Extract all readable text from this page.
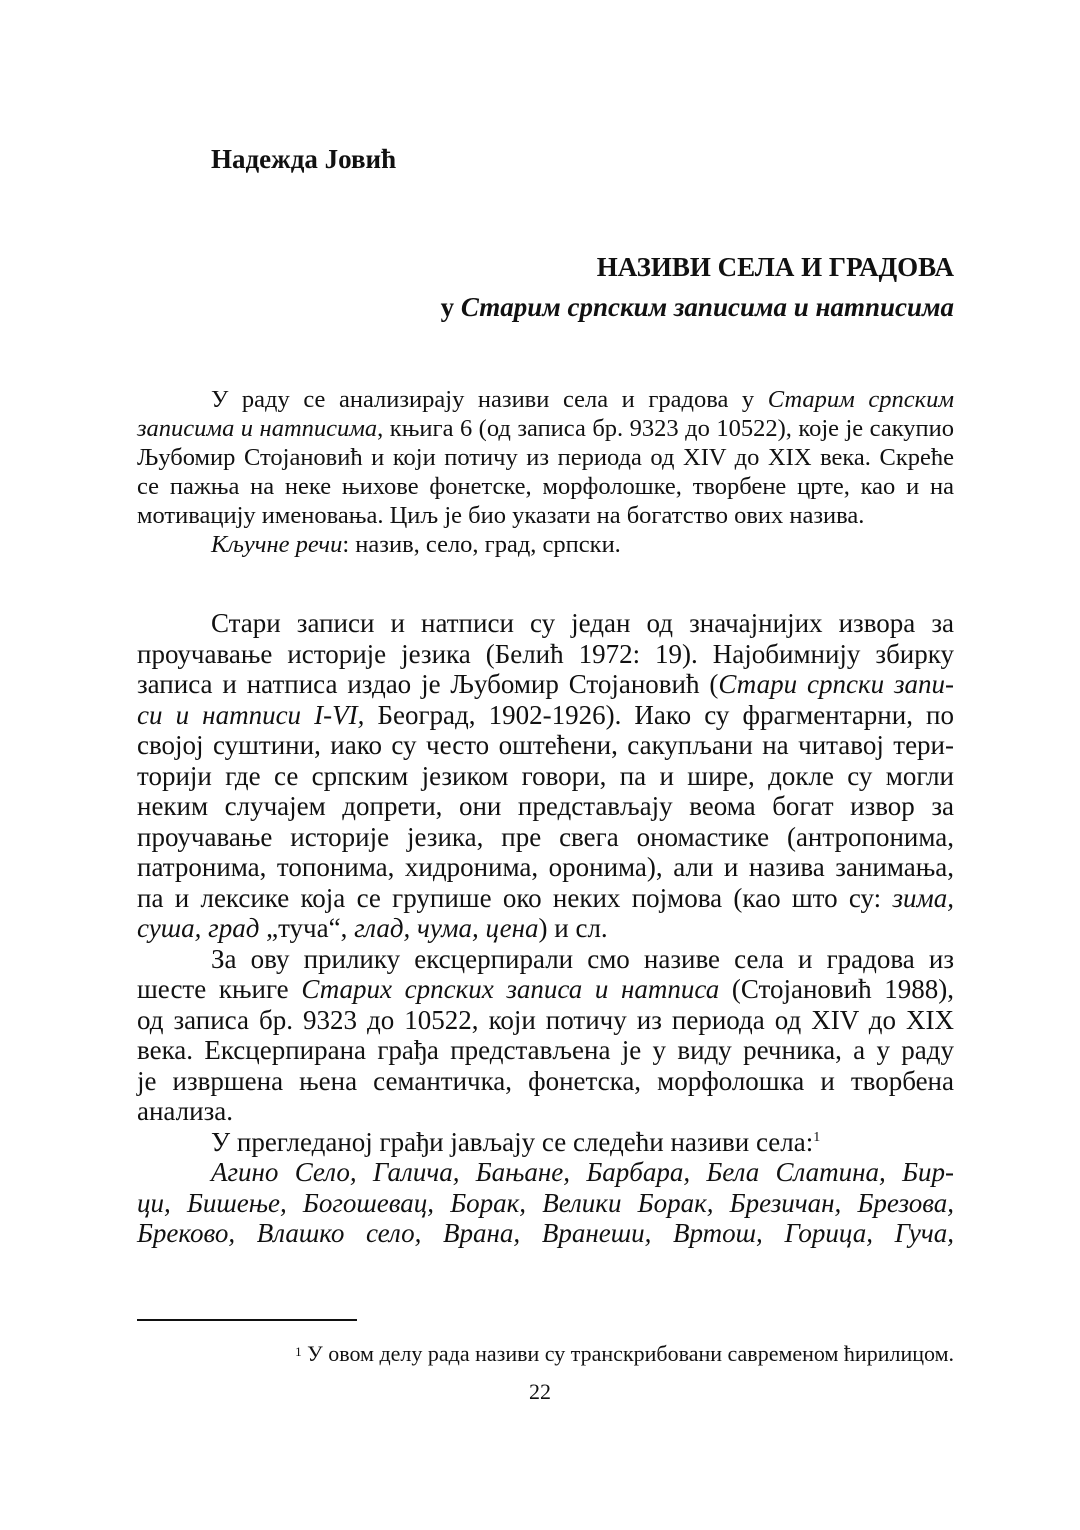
Надежда Јовић
НАЗИВИ СЕЛА И ГРАДОВА
у Старим српским записима и натписима
У раду се анализирају називи села и градова у Старим српским
записима и натписима, књига 6 (од записа бр. 9323 до 10522), које је сакупио
Љубомир Стојановић и који потичу из периода од XIV до XIX века. Скреће
се пажња на неке њихове фонетске, морфолошке, творбене црте, као и на
мотивацију именовања. Циљ је био указати на богатство ових назива.
Кључне речи: назив, село, град, српски.
Стари записи и натписи су један од значајнијих извора за
проучавање историје језика (Белић 1972: 19). Најобимнију збирку
записа и натписа издао је Љубомир Стојановић (Стари српски запи-
си и натписи I-VI, Београд, 1902-1926). Иако су фрагментарни, по
својој суштини, иако су често оштећени, сакупљани на читавој тери-
торији где се српским језиком говори, па и шире, докле су могли
неким случајем допрети, они представљају веома богат извор за
проучавање историје језика, пре свега ономастике (антропонима,
патронима, топонима, хидронима, оронима), али и назива занимања,
па и лексике која се групише око неких појмова (као што су: зима,
суша, град „туча“, глад, чума, цена) и сл.
За ову прилику ексцерпирали смо називе села и градова из
шесте књиге Старих српских записа и натписа (Стојановић 1988),
од записа бр. 9323 до 10522, који потичу из периода од XIV до XIX
века. Ексцерпирана грађа представљена је у виду речника, а у раду
је извршена њена семантичка, фонетска, морфолошка и творбена
анализа.
У прегледаној грађи јављају се следећи називи села:$^1$
Агино Село, Галича, Бањане, Барбара, Бела Слатина, Бир-
ци, Бишење, Богошевац, Борак, Велики Борак, Брезичан, Брезова,
Бреково, Влашко село, Врана, Вранеши, Вртош, Горица, Гуча,
$^1$ У овом делу рада називи су транскрибовани савременом ћирилицом.
22
